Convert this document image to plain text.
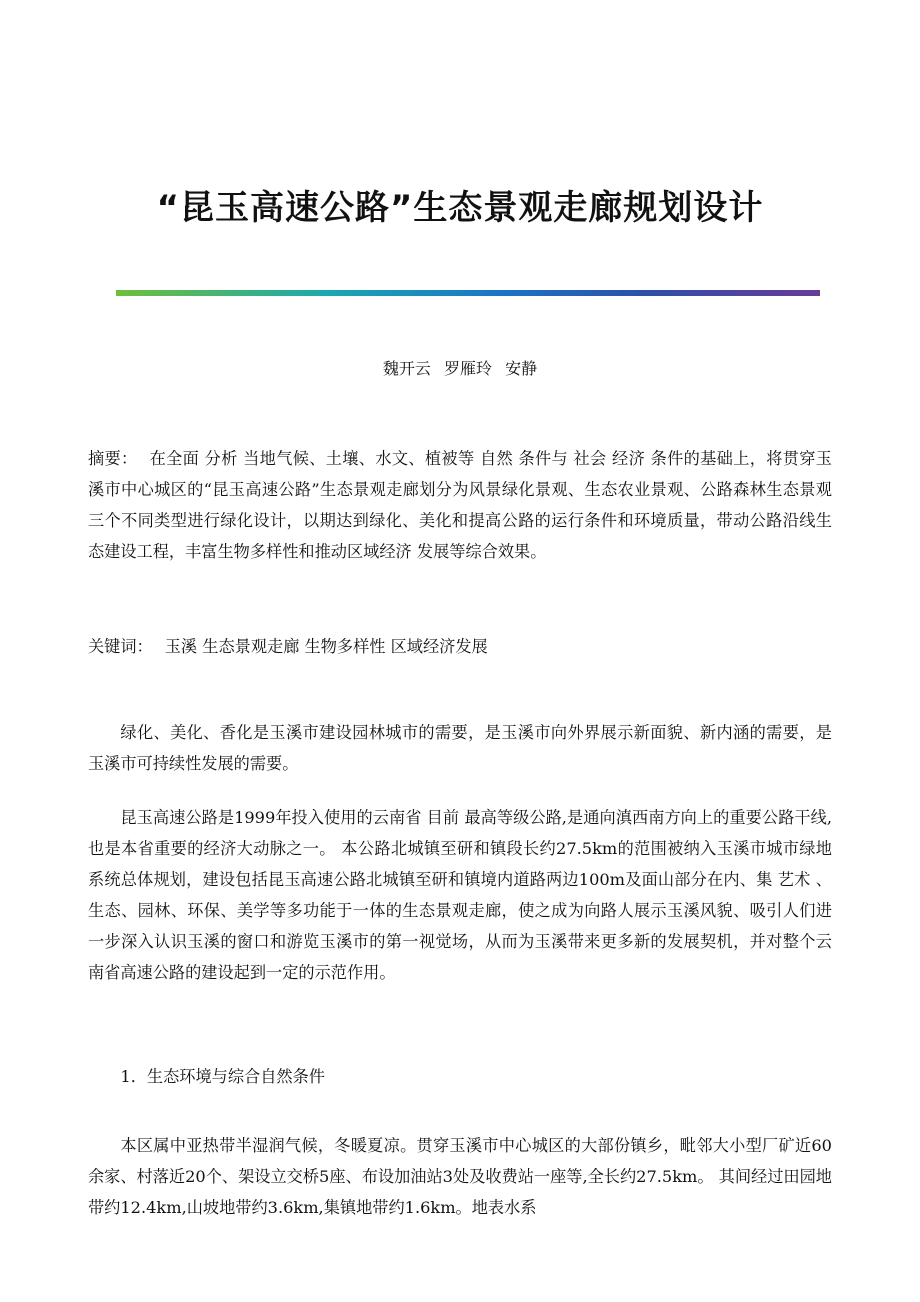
“昆玉高速公路”生态景观走廊规划设计

魏开云 罗雁玲 安静

摘要： 在全面 分析 当地气候、土壤、水文、植被等 自然 条件与 社会 经济 条件的基础上，将贯穿玉溪市中心城区的“昆玉高速公路”生态景观走廊划分为风景绿化景观、生态农业景观、公路森林生态景观三个不同类型进行绿化设计，以期达到绿化、美化和提高公路的运行条件和环境质量，带动公路沿线生态建设工程，丰富生物多样性和推动区域经济 发展等综合效果。

关键词： 玉溪 生态景观走廊 生物多样性 区域经济发展

绿化、美化、香化是玉溪市建设园林城市的需要，是玉溪市向外界展示新面貌、新内涵的需要，是玉溪市可持续性发展的需要。

昆玉高速公路是1999年投入使用的云南省 目前 最高等级公路,是通向滇西南方向上的重要公路干线,也是本省重要的经济大动脉之一。 本公路北城镇至研和镇段长约27.5km的范围被纳入玉溪市城市绿地系统总体规划，建设包括昆玉高速公路北城镇至研和镇境内道路两边100m及面山部分在内、集 艺术 、生态、园林、环保、美学等多功能于一体的生态景观走廊，使之成为向路人展示玉溪风貌、吸引人们进一步深入认识玉溪的窗口和游览玉溪市的第一视觉场，从而为玉溪带来更多新的发展契机，并对整个云南省高速公路的建设起到一定的示范作用。

1．生态环境与综合自然条件

本区属中亚热带半湿润气候，冬暖夏凉。贯穿玉溪市中心城区的大部份镇乡，毗邻大小型厂矿近60余家、村落近20个、架设立交桥5座、布设加油站3处及收费站一座等,全长约27.5km。 其间经过田园地带约12.4km,山坡地带约3.6km,集镇地带约1.6km。地表水系
